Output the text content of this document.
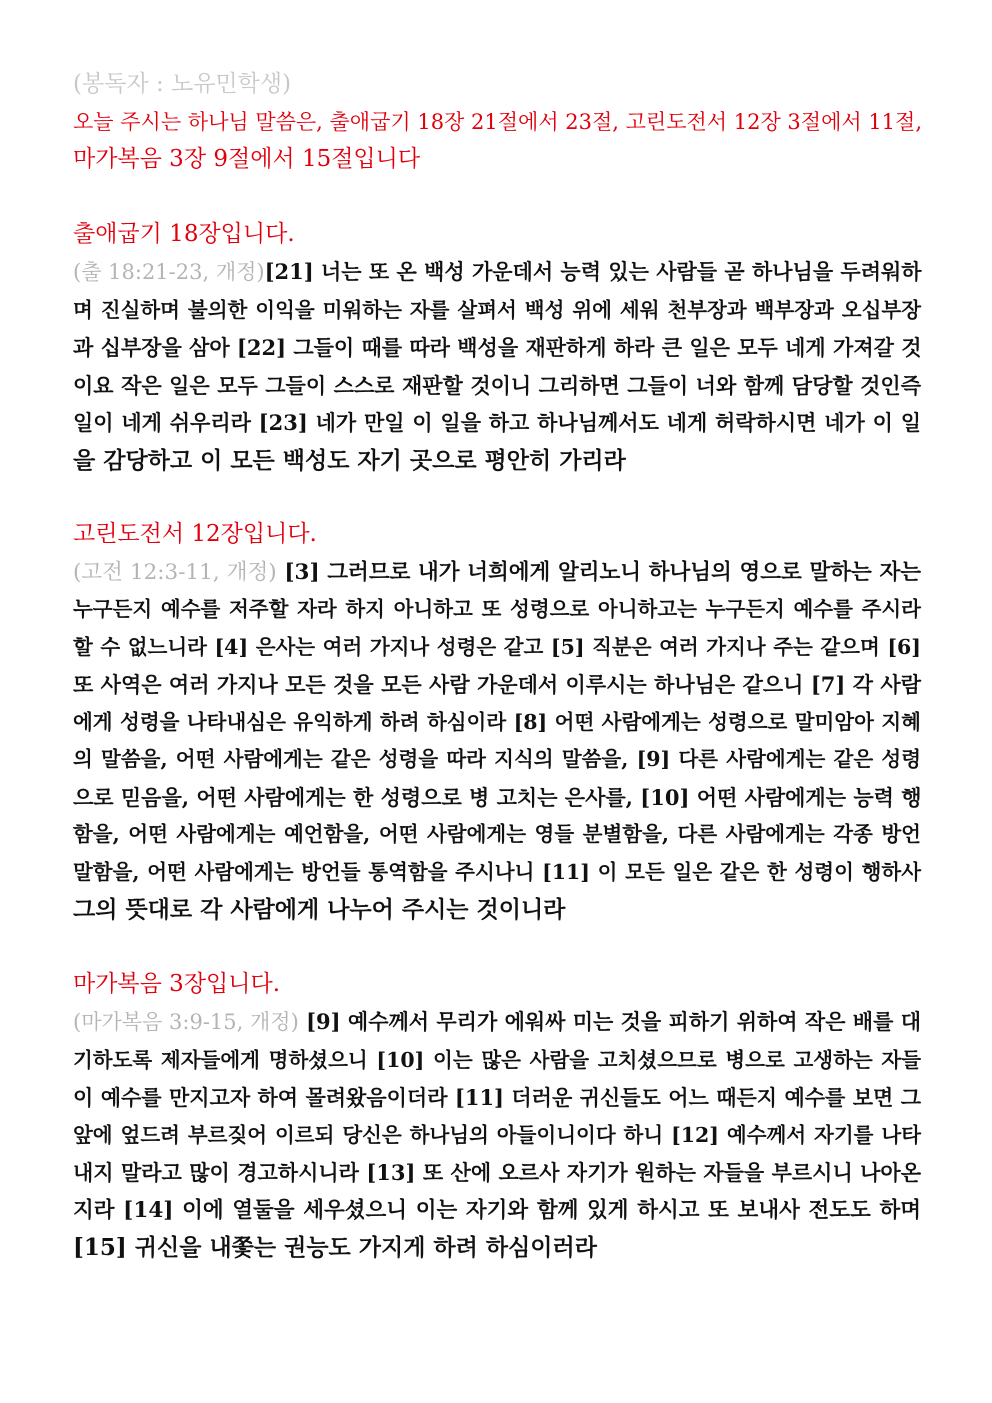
(봉독자 : 노유민학생)
오늘 주시는 하나님 말씀은, 출애굽기 18장 21절에서 23절, 고린도전서 12장 3절에서 11절,
마가복음 3장 9절에서 15절입니다
출애굽기 18장입니다.
(출 18:21-23, 개정)[21] 너는 또 온 백성 가운데서 능력 있는 사람들 곧 하나님을 두려워하
며 진실하며 불의한 이익을 미워하는 자를 살펴서 백성 위에 세워 천부장과 백부장과 오십부장
과 십부장을 삼아 [22] 그들이 때를 따라 백성을 재판하게 하라 큰 일은 모두 네게 가져갈 것
이요 작은 일은 모두 그들이 스스로 재판할 것이니 그리하면 그들이 너와 함께 담당할 것인즉
일이 네게 쉬우리라 [23] 네가 만일 이 일을 하고 하나님께서도 네게 허락하시면 네가 이 일
을 감당하고 이 모든 백성도 자기 곳으로 평안히 가리라
고린도전서 12장입니다.
(고전 12:3-11, 개정) [3] 그러므로 내가 너희에게 알리노니 하나님의 영으로 말하는 자는
누구든지 예수를 저주할 자라 하지 아니하고 또 성령으로 아니하고는 누구든지 예수를 주시라
할 수 없느니라 [4] 은사는 여러 가지나 성령은 같고 [5] 직분은 여러 가지나 주는 같으며 [6]
또 사역은 여러 가지나 모든 것을 모든 사람 가운데서 이루시는 하나님은 같으니 [7] 각 사람
에게 성령을 나타내심은 유익하게 하려 하심이라 [8] 어떤 사람에게는 성령으로 말미암아 지혜
의 말씀을, 어떤 사람에게는 같은 성령을 따라 지식의 말씀을, [9] 다른 사람에게는 같은 성령
으로 믿음을, 어떤 사람에게는 한 성령으로 병 고치는 은사를, [10] 어떤 사람에게는 능력 행
함을, 어떤 사람에게는 예언함을, 어떤 사람에게는 영들 분별함을, 다른 사람에게는 각종 방언
말함을, 어떤 사람에게는 방언들 통역함을 주시나니 [11] 이 모든 일은 같은 한 성령이 행하사
그의 뜻대로 각 사람에게 나누어 주시는 것이니라
마가복음 3장입니다.
(마가복음 3:9-15, 개정) [9] 예수께서 무리가 에워싸 미는 것을 피하기 위하여 작은 배를 대
기하도록 제자들에게 명하셨으니 [10] 이는 많은 사람을 고치셨으므로 병으로 고생하는 자들
이 예수를 만지고자 하여 몰려왔음이더라 [11] 더러운 귀신들도 어느 때든지 예수를 보면 그
앞에 엎드려 부르짖어 이르되 당신은 하나님의 아들이니이다 하니 [12] 예수께서 자기를 나타
내지 말라고 많이 경고하시니라 [13] 또 산에 오르사 자기가 원하는 자들을 부르시니 나아온
지라 [14] 이에 열둘을 세우셨으니 이는 자기와 함께 있게 하시고 또 보내사 전도도 하며
[15] 귀신을 내쫓는 권능도 가지게 하려 하심이러라
